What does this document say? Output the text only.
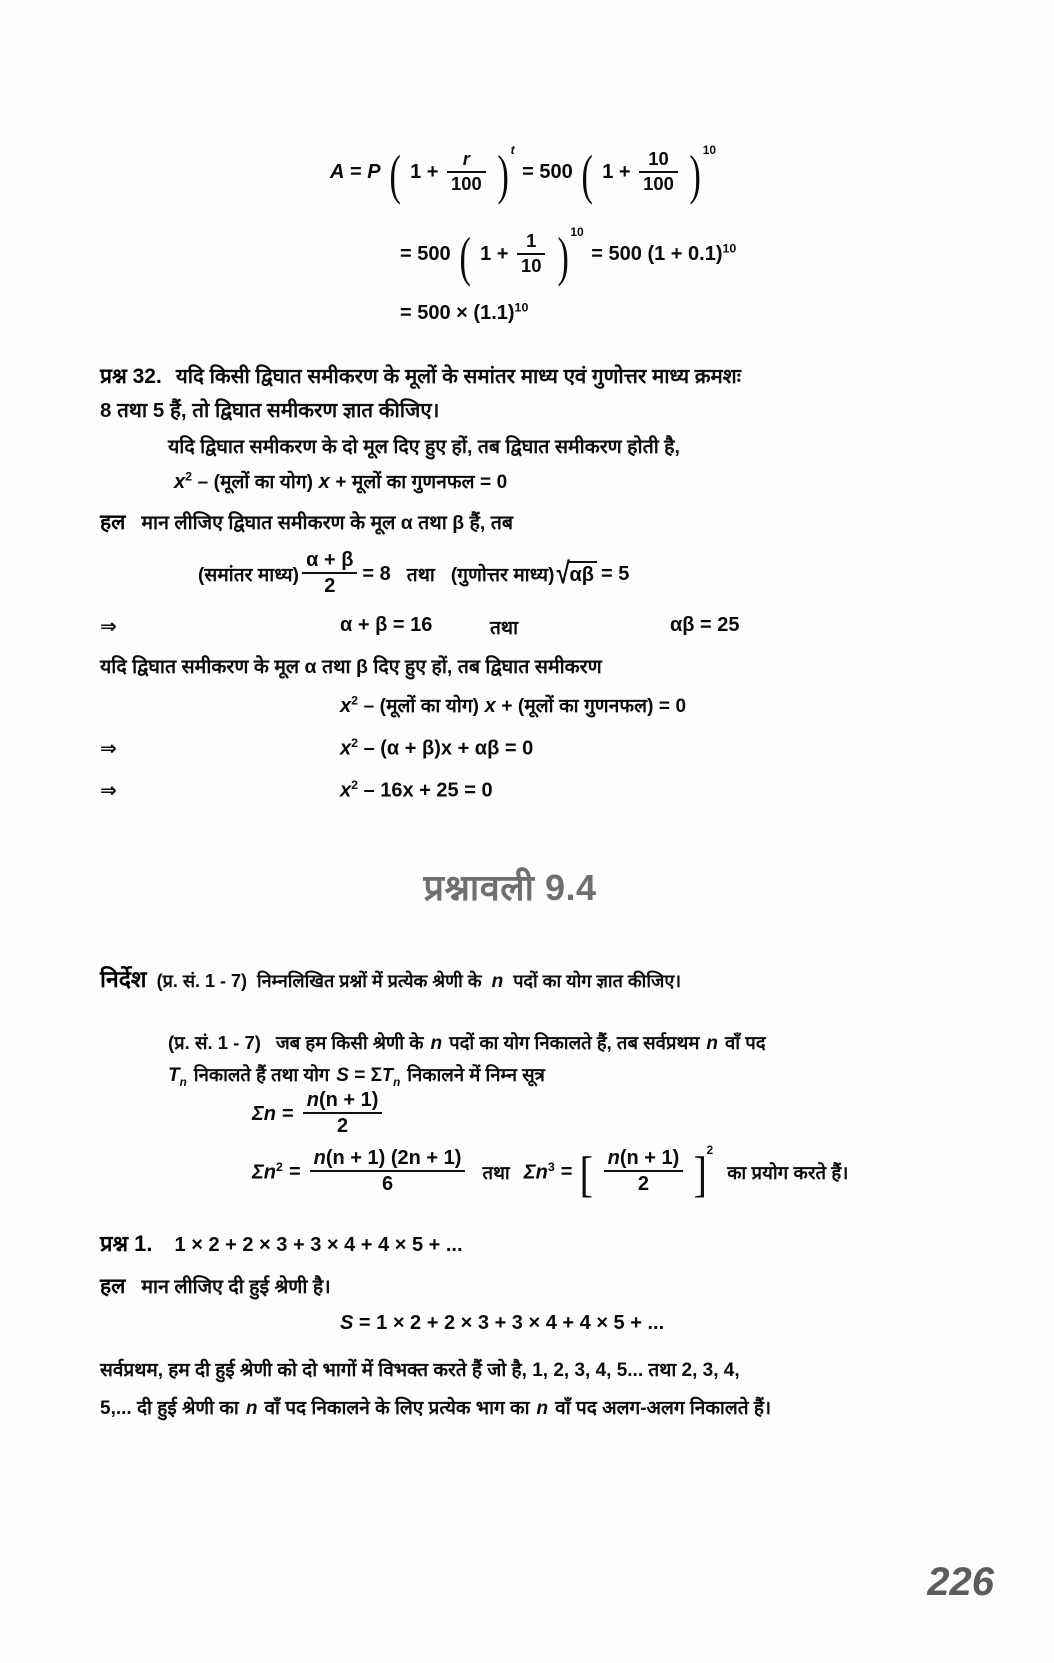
A = P ( $1 + \frac{r}{100} )^t = 500$ ( $1 + \frac{10}{100} )^{10}$
= 500 ( $1 + \frac{1}{10} )^{10} = 500$ $(1 + 0.1)^{10}$
= $500 \times (1.1)^{10}$
प्रश्न 32. यदि किसी द्विघात समीकरण के मूलों के समांतर माध्य एवं गुणोत्तर माध्य क्रमशः
8 तथा 5 हैं, तो द्विघात समीकरण ज्ञात कीजिए।
यदि द्विघात समीकरण के दो मूल दिए हुए हों, तब द्विघात समीकरण होती है,
$x^2$ – (मूलों का योग) x + मूलों का गुणनफल = 0
हल मान लीजिए द्विघात समीकरण के मूल α तथा β हैं, तब
(समांतर माध्य) $\frac{\alpha + \beta}{2} = 8$ तथा (गुणोत्तर माध्य) √ αβ = 5
⇒	α + β = 16	तथा	αβ = 25
यदि द्विघात समीकरण के मूल α तथा β दिए हुए हों, तब द्विघात समीकरण
$x^2$ – (मूलों का योग) x + (मूलों का गुणनफल) = 0
⇒	$x^2 - (\alpha + \beta)x + \alpha\beta = 0$
⇒	$x^2 - 16x + 25 = 0$
प्रश्नावली 9.4
निर्देश (प्र. सं. 1 - 7) निम्नलिखित प्रश्नों में प्रत्येक श्रेणी के n पदों का योग ज्ञात कीजिए।
(प्र. सं. 1 - 7) जब हम किसी श्रेणी के n पदों का योग निकालते हैं, तब सर्वप्रथम n वाँ पद
$T_n$ निकालते हैं तथा योग $S = \Sigma T_n$ निकालने में निम्न सूत्र
$\Sigma n = \frac{n(n + 1)}{2}$
$\Sigma n^2 = \frac{n(n + 1) (2n + 1)}{6}$ तथा $\Sigma n^3$ = [ $\frac{n(n + 1)}{2} ]^2$
का प्रयोग करते हैं।
प्रश्न 1. 1 × 2 + 2 × 3 + 3 × 4 + 4 × 5 + ...
हल मान लीजिए दी हुई श्रेणी है।
S = 1 × 2 + 2 × 3 + 3 × 4 + 4 × 5 + ...
सर्वप्रथम, हम दी हुई श्रेणी को दो भागों में विभक्त करते हैं जो है, 1, 2, 3, 4, 5... तथा 2, 3, 4,
5,... दी हुई श्रेणी का n वाँ पद निकालने के लिए प्रत्येक भाग का n वाँ पद अलग-अलग निकालते हैं।
226
